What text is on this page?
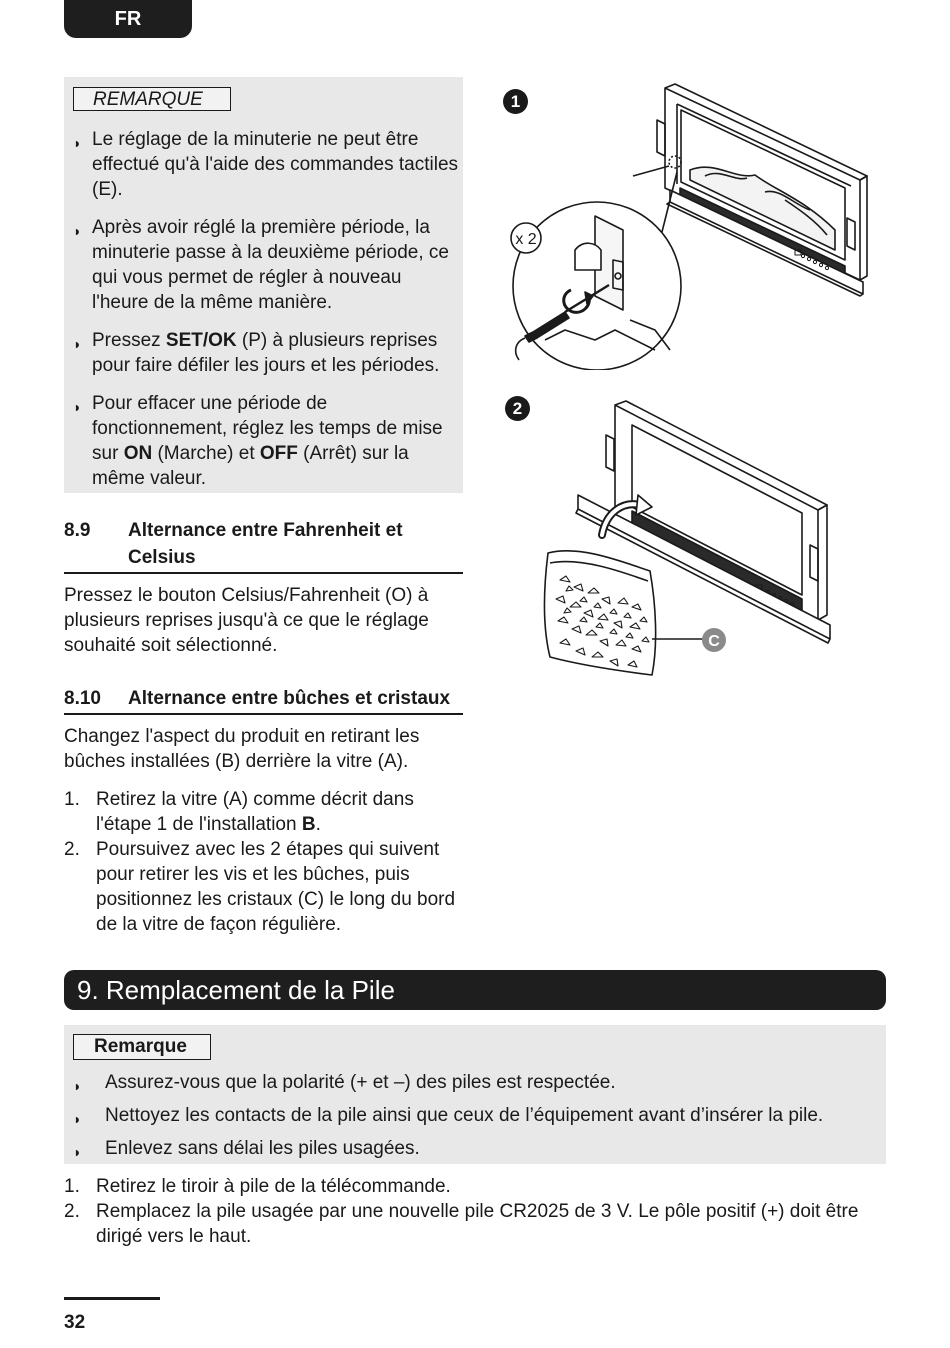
FR
REMARQUE
◗ Le réglage de la minuterie ne peut être effectué qu'à l'aide des commandes tactiles (E).
◗ Après avoir réglé la première période, la minuterie passe à la deuxième période, ce qui vous permet de régler à nouveau l'heure de la même manière.
◗ Pressez SET/OK (P) à plusieurs reprises pour faire défiler les jours et les périodes.
◗ Pour effacer une période de fonctionnement, réglez les temps de mise sur ON (Marche) et OFF (Arrêt) sur la même valeur.
8.9	Alternance entre Fahrenheit et Celsius
Pressez le bouton Celsius/Fahrenheit (O) à plusieurs reprises jusqu'à ce que le réglage souhaité soit sélectionné.
8.10	Alternance entre bûches et cristaux
Changez l'aspect du produit en retirant les bûches installées (B) derrière la vitre (A).
1. Retirez la vitre (A) comme décrit dans l'étape 1 de l'installation B.
2. Poursuivez avec les 2 étapes qui suivent pour retirer les vis et les bûches, puis positionnez les cristaux (C) le long du bord de la vitre de façon régulière.
1
x 2
2
C
9. Remplacement de la Pile
Remarque
◗ Assurez-vous que la polarité (+ et –) des piles est respectée.
◗ Nettoyez les contacts de la pile ainsi que ceux de l’équipement avant d’insérer la pile.
◗ Enlevez sans délai les piles usagées.
1. Retirez le tiroir à pile de la télécommande.
2. Remplacez la pile usagée par une nouvelle pile CR2025 de 3 V. Le pôle positif (+) doit être dirigé vers le haut.
32
